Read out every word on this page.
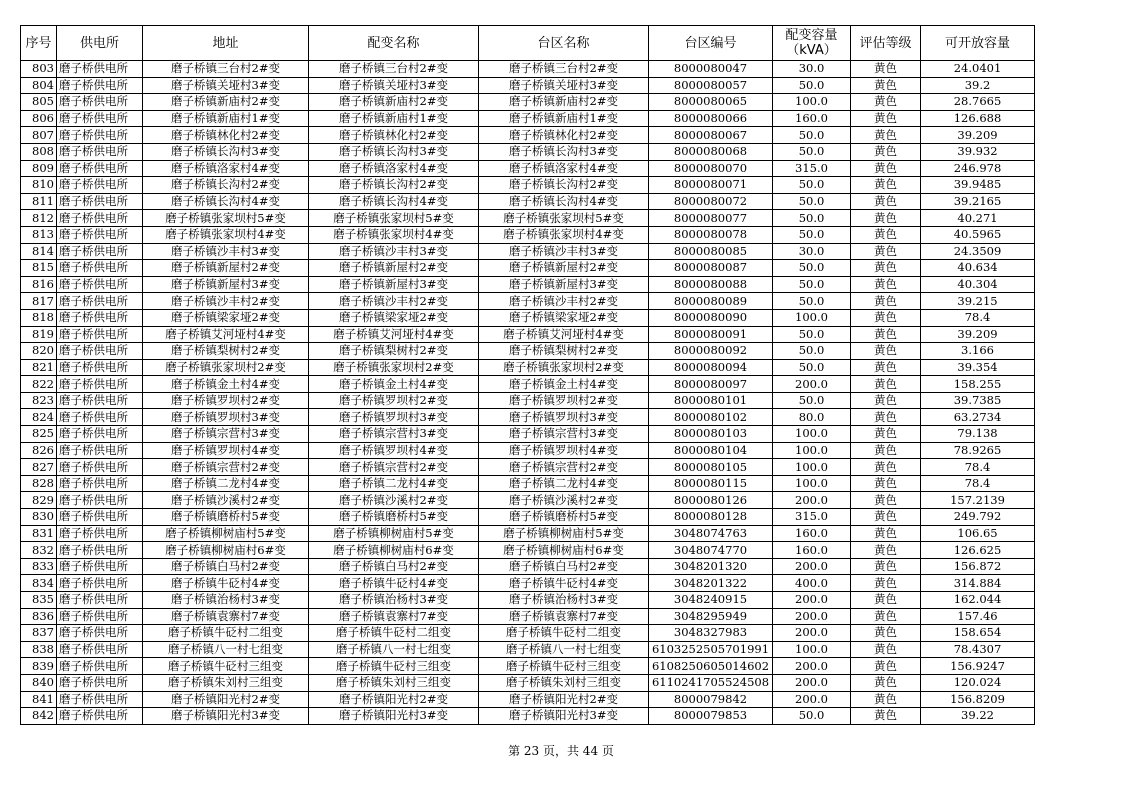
序号	供电所	地址	配变名称	台区名称	台区编号	配变容量
（kVA）	评估等级	可开放容量
803	磨子桥供电所	磨子桥镇三台村2#变	磨子桥镇三台村2#变	磨子桥镇三台村2#变	8000080047	30.0	黄色	24.0401
804	磨子桥供电所	磨子桥镇关垭村3#变	磨子桥镇关垭村3#变	磨子桥镇关垭村3#变	8000080057	50.0	黄色	39.2
805	磨子桥供电所	磨子桥镇新庙村2#变	磨子桥镇新庙村2#变	磨子桥镇新庙村2#变	8000080065	100.0	黄色	28.7665
806	磨子桥供电所	磨子桥镇新庙村1#变	磨子桥镇新庙村1#变	磨子桥镇新庙村1#变	8000080066	160.0	黄色	126.688
807	磨子桥供电所	磨子桥镇林化村2#变	磨子桥镇林化村2#变	磨子桥镇林化村2#变	8000080067	50.0	黄色	39.209
808	磨子桥供电所	磨子桥镇长沟村3#变	磨子桥镇长沟村3#变	磨子桥镇长沟村3#变	8000080068	50.0	黄色	39.932
809	磨子桥供电所	磨子桥镇洛家村4#变	磨子桥镇洛家村4#变	磨子桥镇洛家村4#变	8000080070	315.0	黄色	246.978
810	磨子桥供电所	磨子桥镇长沟村2#变	磨子桥镇长沟村2#变	磨子桥镇长沟村2#变	8000080071	50.0	黄色	39.9485
811	磨子桥供电所	磨子桥镇长沟村4#变	磨子桥镇长沟村4#变	磨子桥镇长沟村4#变	8000080072	50.0	黄色	39.2165
812	磨子桥供电所	磨子桥镇张家坝村5#变	磨子桥镇张家坝村5#变	磨子桥镇张家坝村5#变	8000080077	50.0	黄色	40.271
813	磨子桥供电所	磨子桥镇张家坝村4#变	磨子桥镇张家坝村4#变	磨子桥镇张家坝村4#变	8000080078	50.0	黄色	40.5965
814	磨子桥供电所	磨子桥镇沙丰村3#变	磨子桥镇沙丰村3#变	磨子桥镇沙丰村3#变	8000080085	30.0	黄色	24.3509
815	磨子桥供电所	磨子桥镇新屋村2#变	磨子桥镇新屋村2#变	磨子桥镇新屋村2#变	8000080087	50.0	黄色	40.634
816	磨子桥供电所	磨子桥镇新屋村3#变	磨子桥镇新屋村3#变	磨子桥镇新屋村3#变	8000080088	50.0	黄色	40.304
817	磨子桥供电所	磨子桥镇沙丰村2#变	磨子桥镇沙丰村2#变	磨子桥镇沙丰村2#变	8000080089	50.0	黄色	39.215
818	磨子桥供电所	磨子桥镇梁家垭2#变	磨子桥镇梁家垭2#变	磨子桥镇梁家垭2#变	8000080090	100.0	黄色	78.4
819	磨子桥供电所	磨子桥镇艾河垭村4#变	磨子桥镇艾河垭村4#变	磨子桥镇艾河垭村4#变	8000080091	50.0	黄色	39.209
820	磨子桥供电所	磨子桥镇梨树村2#变	磨子桥镇梨树村2#变	磨子桥镇梨树村2#变	8000080092	50.0	黄色	3.166
821	磨子桥供电所	磨子桥镇张家坝村2#变	磨子桥镇张家坝村2#变	磨子桥镇张家坝村2#变	8000080094	50.0	黄色	39.354
822	磨子桥供电所	磨子桥镇金土村4#变	磨子桥镇金土村4#变	磨子桥镇金土村4#变	8000080097	200.0	黄色	158.255
823	磨子桥供电所	磨子桥镇罗坝村2#变	磨子桥镇罗坝村2#变	磨子桥镇罗坝村2#变	8000080101	50.0	黄色	39.7385
824	磨子桥供电所	磨子桥镇罗坝村3#变	磨子桥镇罗坝村3#变	磨子桥镇罗坝村3#变	8000080102	80.0	黄色	63.2734
825	磨子桥供电所	磨子桥镇宗营村3#变	磨子桥镇宗营村3#变	磨子桥镇宗营村3#变	8000080103	100.0	黄色	79.138
826	磨子桥供电所	磨子桥镇罗坝村4#变	磨子桥镇罗坝村4#变	磨子桥镇罗坝村4#变	8000080104	100.0	黄色	78.9265
827	磨子桥供电所	磨子桥镇宗营村2#变	磨子桥镇宗营村2#变	磨子桥镇宗营村2#变	8000080105	100.0	黄色	78.4
828	磨子桥供电所	磨子桥镇二龙村4#变	磨子桥镇二龙村4#变	磨子桥镇二龙村4#变	8000080115	100.0	黄色	78.4
829	磨子桥供电所	磨子桥镇沙溪村2#变	磨子桥镇沙溪村2#变	磨子桥镇沙溪村2#变	8000080126	200.0	黄色	157.2139
830	磨子桥供电所	磨子桥镇磨桥村5#变	磨子桥镇磨桥村5#变	磨子桥镇磨桥村5#变	8000080128	315.0	黄色	249.792
831	磨子桥供电所	磨子桥镇柳树庙村5#变	磨子桥镇柳树庙村5#变	磨子桥镇柳树庙村5#变	3048074763	160.0	黄色	106.65
832	磨子桥供电所	磨子桥镇柳树庙村6#变	磨子桥镇柳树庙村6#变	磨子桥镇柳树庙村6#变	3048074770	160.0	黄色	126.625
833	磨子桥供电所	磨子桥镇白马村2#变	磨子桥镇白马村2#变	磨子桥镇白马村2#变	3048201320	200.0	黄色	156.872
834	磨子桥供电所	磨子桥镇牛砭村4#变	磨子桥镇牛砭村4#变	磨子桥镇牛砭村4#变	3048201322	400.0	黄色	314.884
835	磨子桥供电所	磨子桥镇治杨村3#变	磨子桥镇治杨村3#变	磨子桥镇治杨村3#变	3048240915	200.0	黄色	162.044
836	磨子桥供电所	磨子桥镇袁寨村7#变	磨子桥镇袁寨村7#变	磨子桥镇袁寨村7#变	3048295949	200.0	黄色	157.46
837	磨子桥供电所	磨子桥镇牛砭村二组变	磨子桥镇牛砭村二组变	磨子桥镇牛砭村二组变	3048327983	200.0	黄色	158.654
838	磨子桥供电所	磨子桥镇八一村七组变	磨子桥镇八一村七组变	磨子桥镇八一村七组变	6103252505701991	100.0	黄色	78.4307
839	磨子桥供电所	磨子桥镇牛砭村三组变	磨子桥镇牛砭村三组变	磨子桥镇牛砭村三组变	6108250605014602	200.0	黄色	156.9247
840	磨子桥供电所	磨子桥镇朱刘村三组变	磨子桥镇朱刘村三组变	磨子桥镇朱刘村三组变	6110241705524508	200.0	黄色	120.024
841	磨子桥供电所	磨子桥镇阳光村2#变	磨子桥镇阳光村2#变	磨子桥镇阳光村2#变	8000079842	200.0	黄色	156.8209
842	磨子桥供电所	磨子桥镇阳光村3#变	磨子桥镇阳光村3#变	磨子桥镇阳光村3#变	8000079853	50.0	黄色	39.22
第 23 页，共 44 页
